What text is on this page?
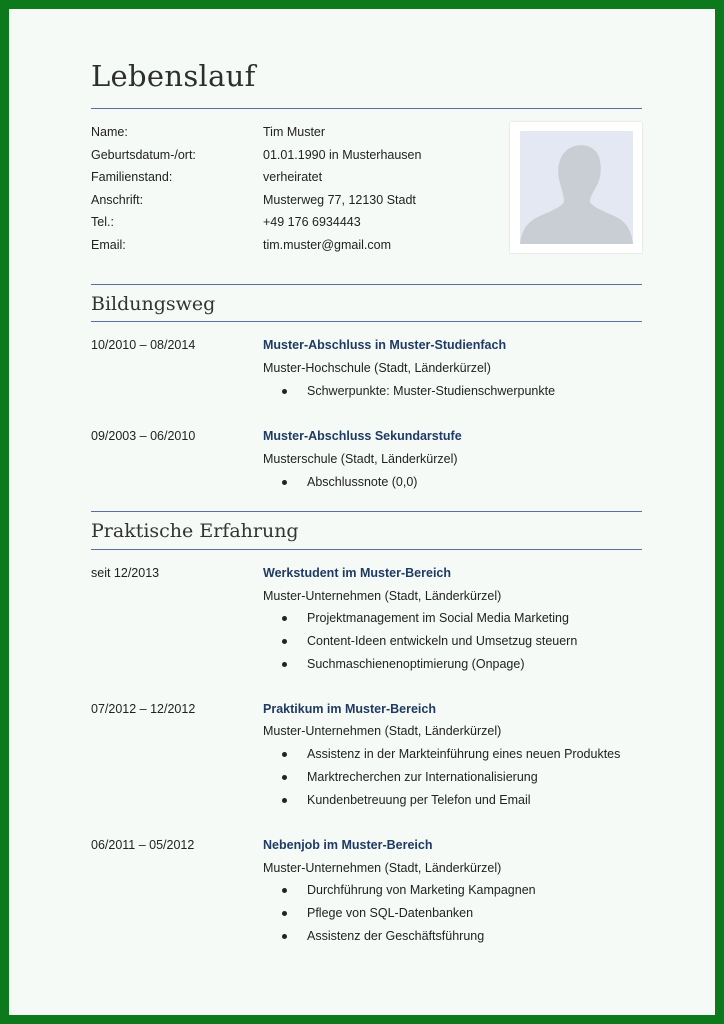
Lebenslauf
Name:	Tim Muster
Geburtsdatum-/ort:	01.01.1990 in Musterhausen
Familienstand:	verheiratet
Anschrift:	Musterweg 77, 12130 Stadt
Tel.:	+49 176 6934443
Email:	tim.muster@gmail.com
Bildungsweg
10/2010 – 08/2014	Muster-Abschluss in Muster-Studienfach
Muster-Hochschule (Stadt, Länderkürzel)
Schwerpunkte: Muster-Studienschwerpunkte
09/2003 – 06/2010	Muster-Abschluss Sekundarstufe
Musterschule (Stadt, Länderkürzel)
Abschlussnote (0,0)
Praktische Erfahrung
seit 12/2013	Werkstudent im Muster-Bereich
Muster-Unternehmen (Stadt, Länderkürzel)
Projektmanagement im Social Media Marketing
Content-Ideen entwickeln und Umsetzug steuern
Suchmaschienenoptimierung (Onpage)
07/2012 – 12/2012	Praktikum im Muster-Bereich
Muster-Unternehmen (Stadt, Länderkürzel)
Assistenz in der Markteinführung eines neuen Produktes
Marktrecherchen zur Internationalisierung
Kundenbetreuung per Telefon und Email
06/2011 – 05/2012	Nebenjob im Muster-Bereich
Muster-Unternehmen (Stadt, Länderkürzel)
Durchführung von Marketing Kampagnen
Pflege von SQL-Datenbanken
Assistenz der Geschäftsführung
